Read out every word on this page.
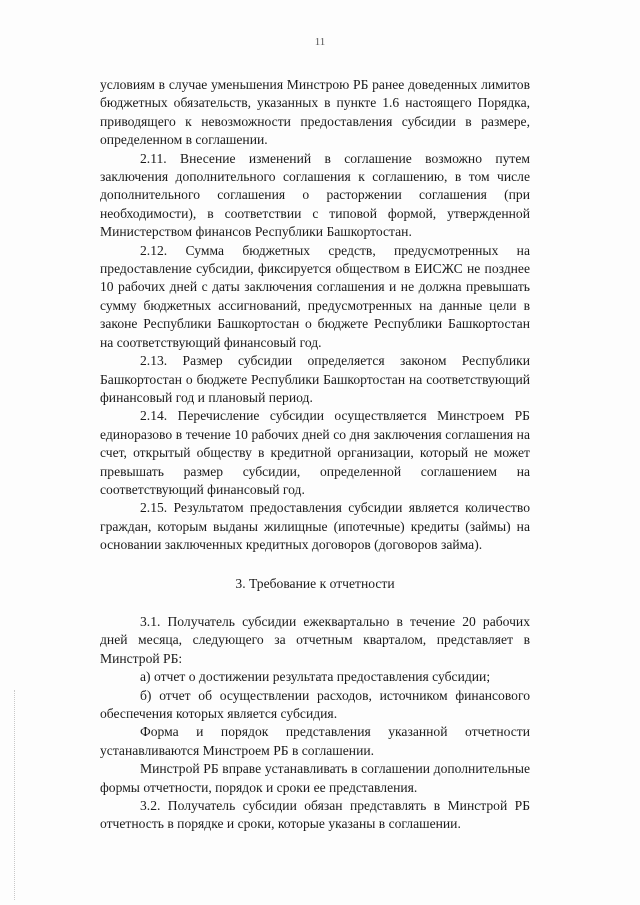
11

условиям в случае уменьшения Минстрою РБ ранее доведенных лимитов бюджетных обязательств, указанных в пункте 1.6 настоящего Порядка, приводящего к невозможности предоставления субсидии в размере, определенном в соглашении.

2.11. Внесение изменений в соглашение возможно путем заключения дополнительного соглашения к соглашению, в том числе дополнительного соглашения о расторжении соглашения (при необходимости), в соответствии с типовой формой, утвержденной Министерством финансов Республики Башкортостан.

2.12. Сумма бюджетных средств, предусмотренных на предоставление субсидии, фиксируется обществом в ЕИСЖС не позднее 10 рабочих дней с даты заключения соглашения и не должна превышать сумму бюджетных ассигнований, предусмотренных на данные цели в законе Республики Башкортостан о бюджете Республики Башкортостан на соответствующий финансовый год.

2.13. Размер субсидии определяется законом Республики Башкортостан о бюджете Республики Башкортостан на соответствующий финансовый год и плановый период.

2.14. Перечисление субсидии осуществляется Минстроем РБ единоразово в течение 10 рабочих дней со дня заключения соглашения на счет, открытый обществу в кредитной организации, который не может превышать размер субсидии, определенной соглашением на соответствующий финансовый год.

2.15. Результатом предоставления субсидии является количество граждан, которым выданы жилищные (ипотечные) кредиты (займы) на основании заключенных кредитных договоров (договоров займа).

3. Требование к отчетности

3.1. Получатель субсидии ежеквартально в течение 20 рабочих дней месяца, следующего за отчетным кварталом, представляет в Минстрой РБ:

а) отчет о достижении результата предоставления субсидии;

б) отчет об осуществлении расходов, источником финансового обеспечения которых является субсидия.

Форма и порядок представления указанной отчетности устанавливаются Минстроем РБ в соглашении.

Минстрой РБ вправе устанавливать в соглашении дополнительные формы отчетности, порядок и сроки ее представления.

3.2. Получатель субсидии обязан представлять в Минстрой РБ отчетность в порядке и сроки, которые указаны в соглашении.
